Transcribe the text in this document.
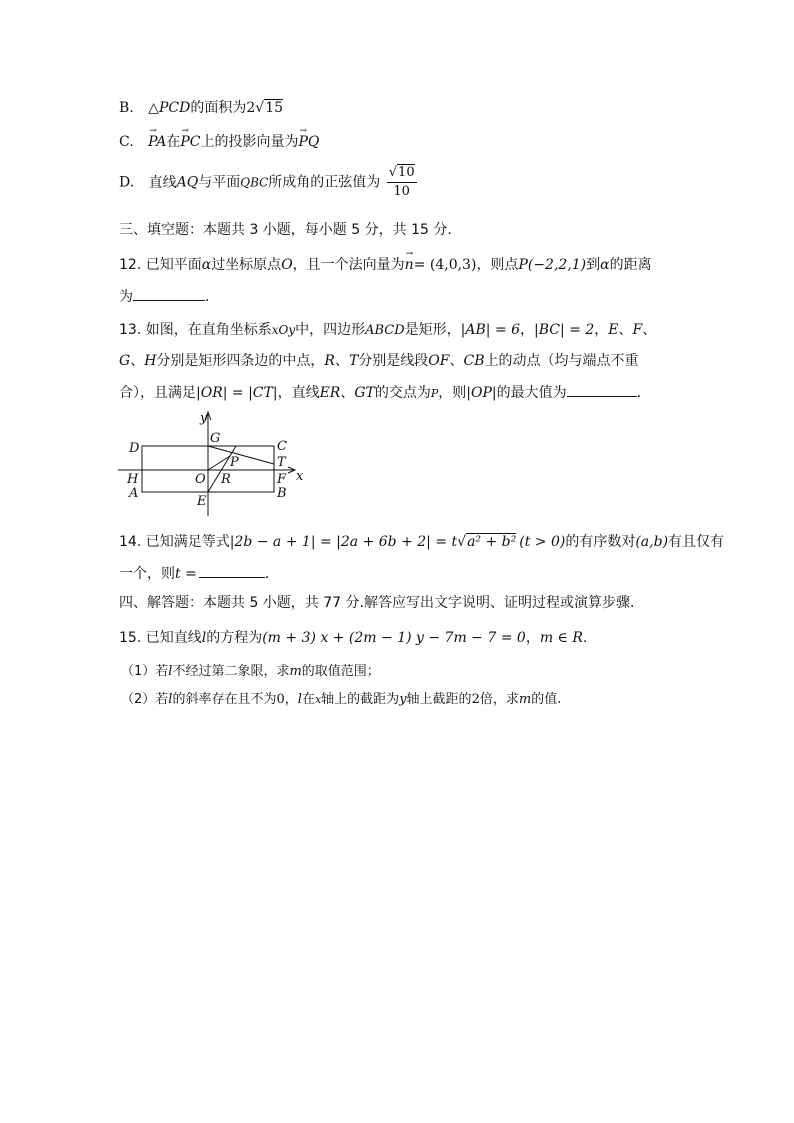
B. △PCD的面积为2√15
C. → PA在→ PC上的投影向量为→ PQ
D. 直线AQ与平面QBC所成角的正弦值为 $\frac{√10}{10}$
三、填空题：本题共 3 小题，每小题 5 分，共 15 分.
12. 已知平面α过坐标原点O，且一个法向量为→ n= (4,0,3)，则点P(−2,2,1)到α的距离
为	.
13. 如图，在直角坐标系xOy中，四边形ABCD是矩形，|AB| = 6，|BC| = 2，E、F、
G、H分别是矩形四条边的中点，R、T分别是线段OF、CB上的动点（均与端点不重
合），且满足|OR| = |CT|，直线ER、GT的交点为P，则|OP|的最大值为	.
y
x
G
C
D
P	T
H	O R	F
A	B
E
14. 已知满足等式|2b − a + 1| = |2a + 6b + 2| = t√a² + b² (t > 0)的有序数对(a,b)有且仅有
一个，则t =	.
四、解答题：本题共 5 小题，共 77 分.解答应写出文字说明、证明过程或演算步骤.
15. 已知直线l的方程为(m + 3) x + (2m − 1) y − 7m − 7 = 0，m ∈ R.
（1）若l不经过第二象限，求m的取值范围；
（2）若l的斜率存在且不为0，l在x轴上的截距为y轴上截距的2倍，求m的值.
